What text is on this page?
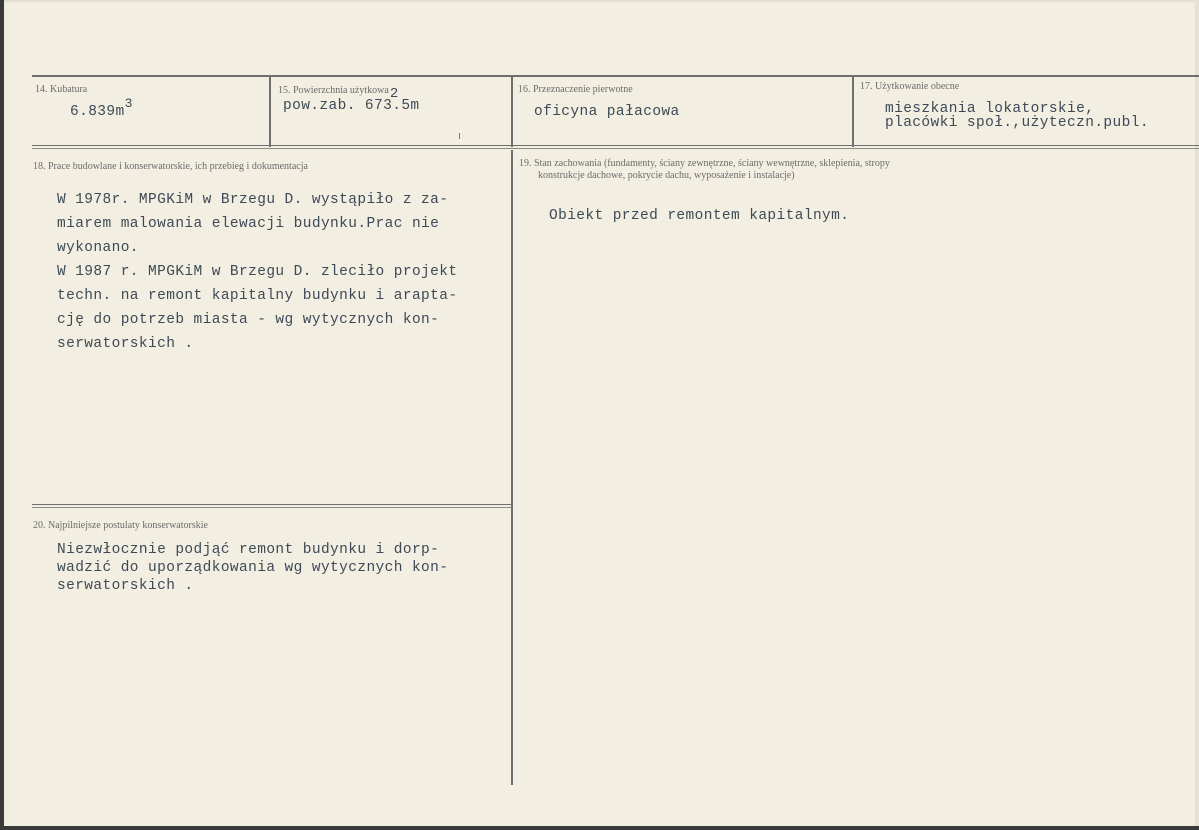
14. Kubatura
6.839m3
15. Powierzchnia użytkowa2
pow.zab. 673.5m
16. Przeznaczenie pierwotne
oficyna pałacowa
17. Użytkowanie obecne
mieszkania lokatorskie,
placówki społ.,użyteczn.publ.
18. Prace budowlane i konserwatorskie, ich przebieg i dokumentacja
W 1978r. MPGKiM w Brzegu D. wystąpiło z za-
miarem malowania elewacji budynku.Prac nie
wykonano.
W 1987 r. MPGKiM w Brzegu D. zleciło projekt
techn. na remont kapitalny budynku i araptа-
cję do potrzeb miasta - wg wytycznych kon-
serwatorskich .
19. Stan zachowania (fundamenty, ściany zewnętrzne, ściany wewnętrzne, sklepienia, stropy
konstrukcje dachowe, pokrycie dachu, wyposażenie i instalacje)
Obiekt przed remontem kapitalnym.
20. Najpilniejsze postulaty konserwatorskie
Niezwłocznie podjąć remont budynku i dorp-
wadzić do uporządkowania wg wytycznych kon-
serwatorskich .
